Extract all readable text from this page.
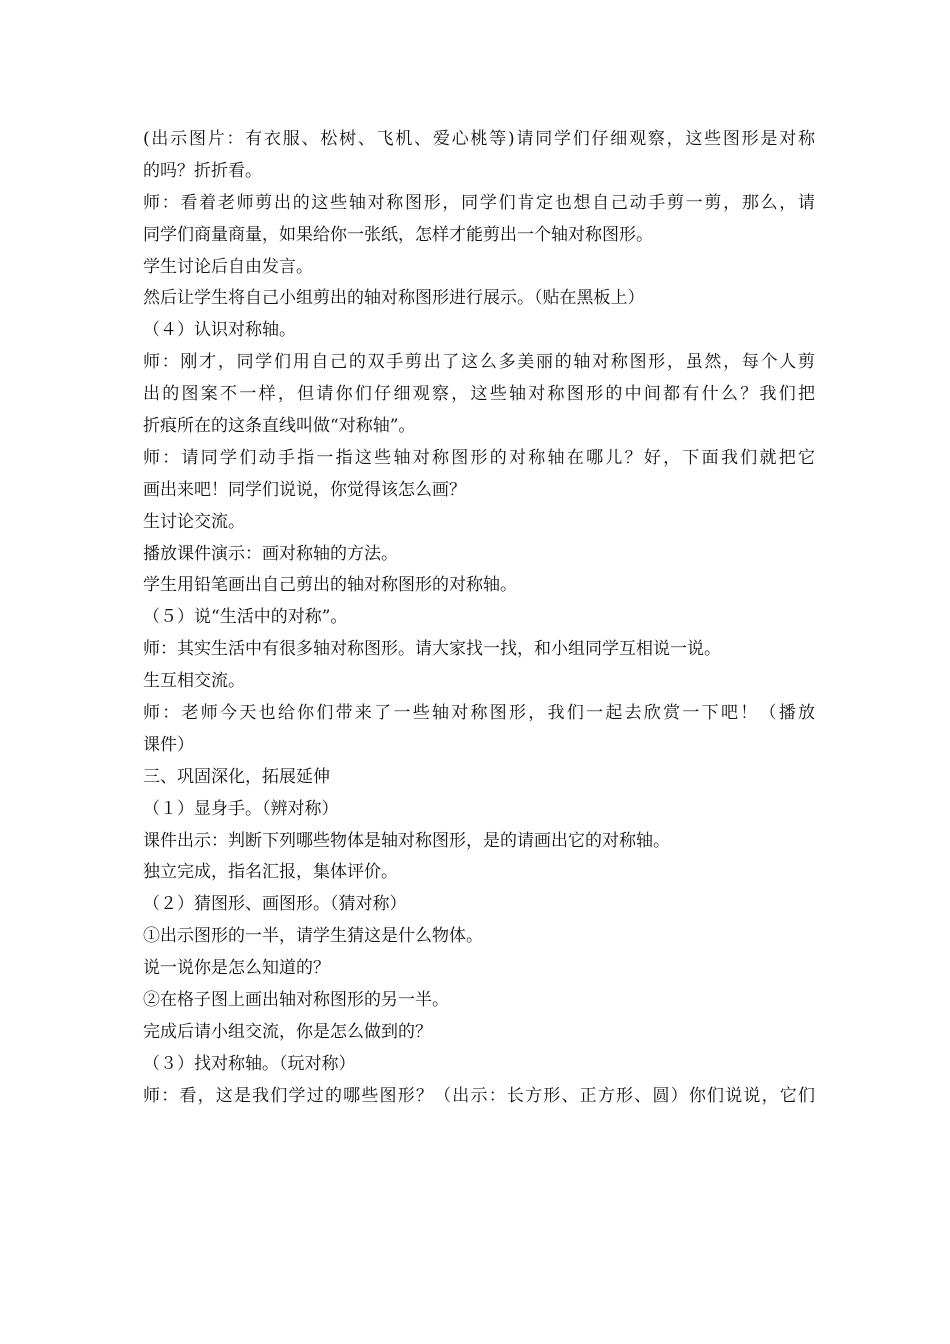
(出示图片：有衣服、松树、飞机、爱心桃等)请同学们仔细观察，这些图形是对称
的吗？折折看。
师：看着老师剪出的这些轴对称图形，同学们肯定也想自己动手剪一剪，那么，请
同学们商量商量，如果给你一张纸，怎样才能剪出一个轴对称图形。
学生讨论后自由发言。
然后让学生将自己小组剪出的轴对称图形进行展示。（贴在黑板上）
（４）认识对称轴。
师：刚才，同学们用自己的双手剪出了这么多美丽的轴对称图形，虽然，每个人剪
出的图案不一样，但请你们仔细观察，这些轴对称图形的中间都有什么？我们把
折痕所在的这条直线叫做“对称轴”。
师：请同学们动手指一指这些轴对称图形的对称轴在哪儿？好，下面我们就把它
画出来吧！同学们说说，你觉得该怎么画？
生讨论交流。
播放课件演示：画对称轴的方法。
学生用铅笔画出自己剪出的轴对称图形的对称轴。
（５）说“生活中的对称”。
师：其实生活中有很多轴对称图形。请大家找一找，和小组同学互相说一说。
生互相交流。
师：老师今天也给你们带来了一些轴对称图形，我们一起去欣赏一下吧！（播放
课件）
三、巩固深化，拓展延伸
（１）显身手。（辨对称）
课件出示：判断下列哪些物体是轴对称图形，是的请画出它的对称轴。
独立完成，指名汇报，集体评价。
（２）猜图形、画图形。（猜对称）
①出示图形的一半，请学生猜这是什么物体。
说一说你是怎么知道的？
②在格子图上画出轴对称图形的另一半。
完成后请小组交流，你是怎么做到的？
（３）找对称轴。（玩对称）
师：看，这是我们学过的哪些图形？（出示：长方形、正方形、圆）你们说说，它们
